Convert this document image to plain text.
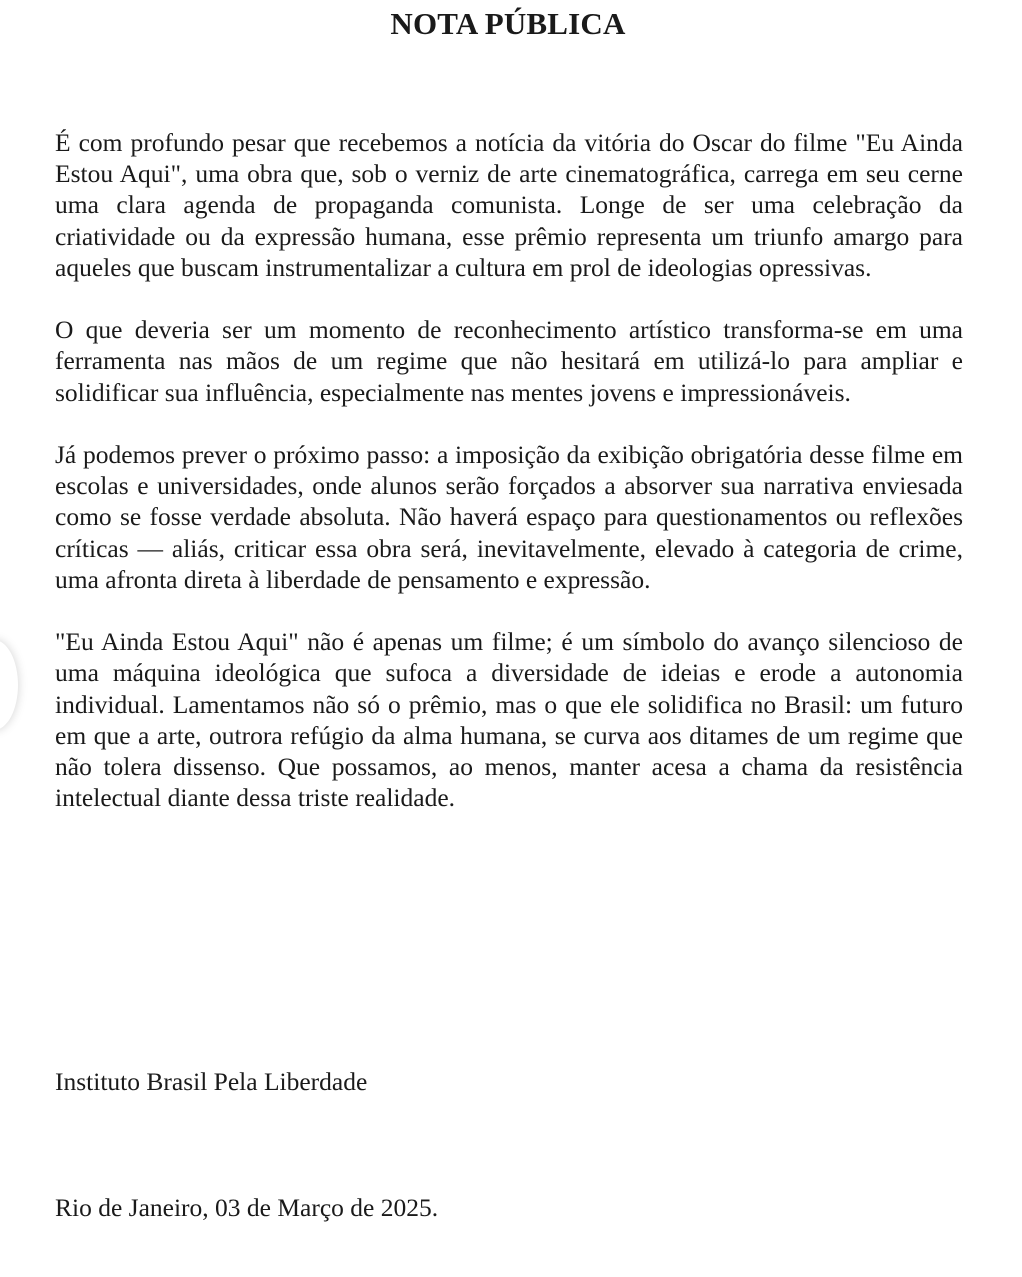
NOTA PÚBLICA

É com profundo pesar que recebemos a notícia da vitória do Oscar do filme "Eu Ainda Estou Aqui", uma obra que, sob o verniz de arte cinematográfica, carrega em seu cerne uma clara agenda de propaganda comunista. Longe de ser uma celebração da criatividade ou da expressão humana, esse prêmio representa um triunfo amargo para aqueles que buscam instrumentalizar a cultura em prol de ideologias opressivas.

O que deveria ser um momento de reconhecimento artístico transforma-se em uma ferramenta nas mãos de um regime que não hesitará em utilizá-lo para ampliar e solidificar sua influência, especialmente nas mentes jovens e impressionáveis.

Já podemos prever o próximo passo: a imposição da exibição obrigatória desse filme em escolas e universidades, onde alunos serão forçados a absorver sua narrativa enviesada como se fosse verdade absoluta. Não haverá espaço para questionamentos ou reflexões críticas — aliás, criticar essa obra será, inevitavelmente, elevado à categoria de crime, uma afronta direta à liberdade de pensamento e expressão.

"Eu Ainda Estou Aqui" não é apenas um filme; é um símbolo do avanço silencioso de uma máquina ideológica que sufoca a diversidade de ideias e erode a autonomia individual. Lamentamos não só o prêmio, mas o que ele solidifica no Brasil: um futuro em que a arte, outrora refúgio da alma humana, se curva aos ditames de um regime que não tolera dissenso. Que possamos, ao menos, manter acesa a chama da resistência intelectual diante dessa triste realidade.

Instituto Brasil Pela Liberdade

Rio de Janeiro, 03 de Março de 2025.
